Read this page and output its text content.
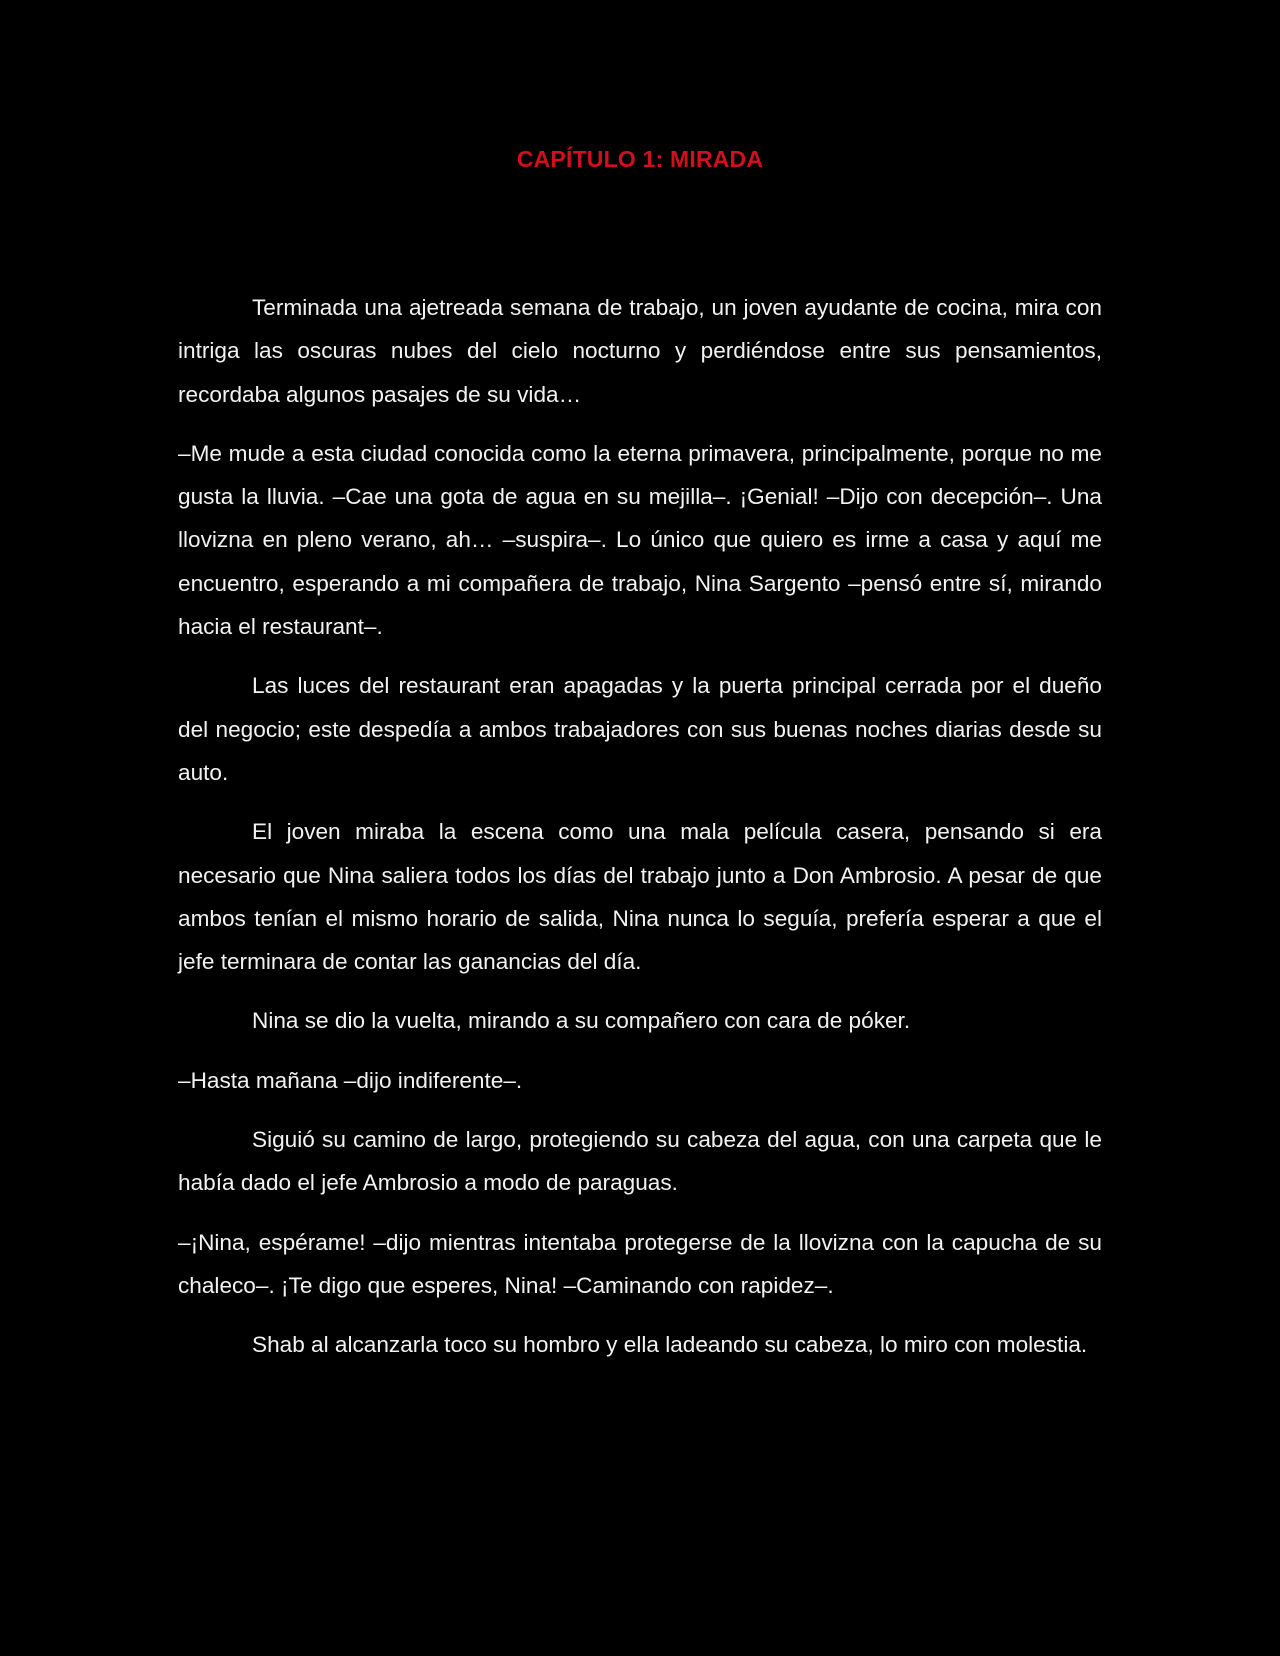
CAPÍTULO 1: MIRADA

Terminada una ajetreada semana de trabajo, un joven ayudante de cocina, mira con intriga las oscuras nubes del cielo nocturno y perdiéndose entre sus pensamientos, recordaba algunos pasajes de su vida…

–Me mude a esta ciudad conocida como la eterna primavera, principalmente, porque no me gusta la lluvia. –Cae una gota de agua en su mejilla–. ¡Genial! –Dijo con decepción–. Una llovizna en pleno verano, ah… –suspira–. Lo único que quiero es irme a casa y aquí me encuentro, esperando a mi compañera de trabajo, Nina Sargento –pensó entre sí, mirando hacia el restaurant–.

Las luces del restaurant eran apagadas y la puerta principal cerrada por el dueño del negocio; este despedía a ambos trabajadores con sus buenas noches diarias desde su auto.

El joven miraba la escena como una mala película casera, pensando si era necesario que Nina saliera todos los días del trabajo junto a Don Ambrosio. A pesar de que ambos tenían el mismo horario de salida, Nina nunca lo seguía, prefería esperar a que el jefe terminara de contar las ganancias del día.

Nina se dio la vuelta, mirando a su compañero con cara de póker.

–Hasta mañana –dijo indiferente–.

Siguió su camino de largo, protegiendo su cabeza del agua, con una carpeta que le había dado el jefe Ambrosio a modo de paraguas.

–¡Nina, espérame! –dijo mientras intentaba protegerse de la llovizna con la capucha de su chaleco–. ¡Te digo que esperes, Nina! –Caminando con rapidez–.

Shab al alcanzarla toco su hombro y ella ladeando su cabeza, lo miro con molestia.
